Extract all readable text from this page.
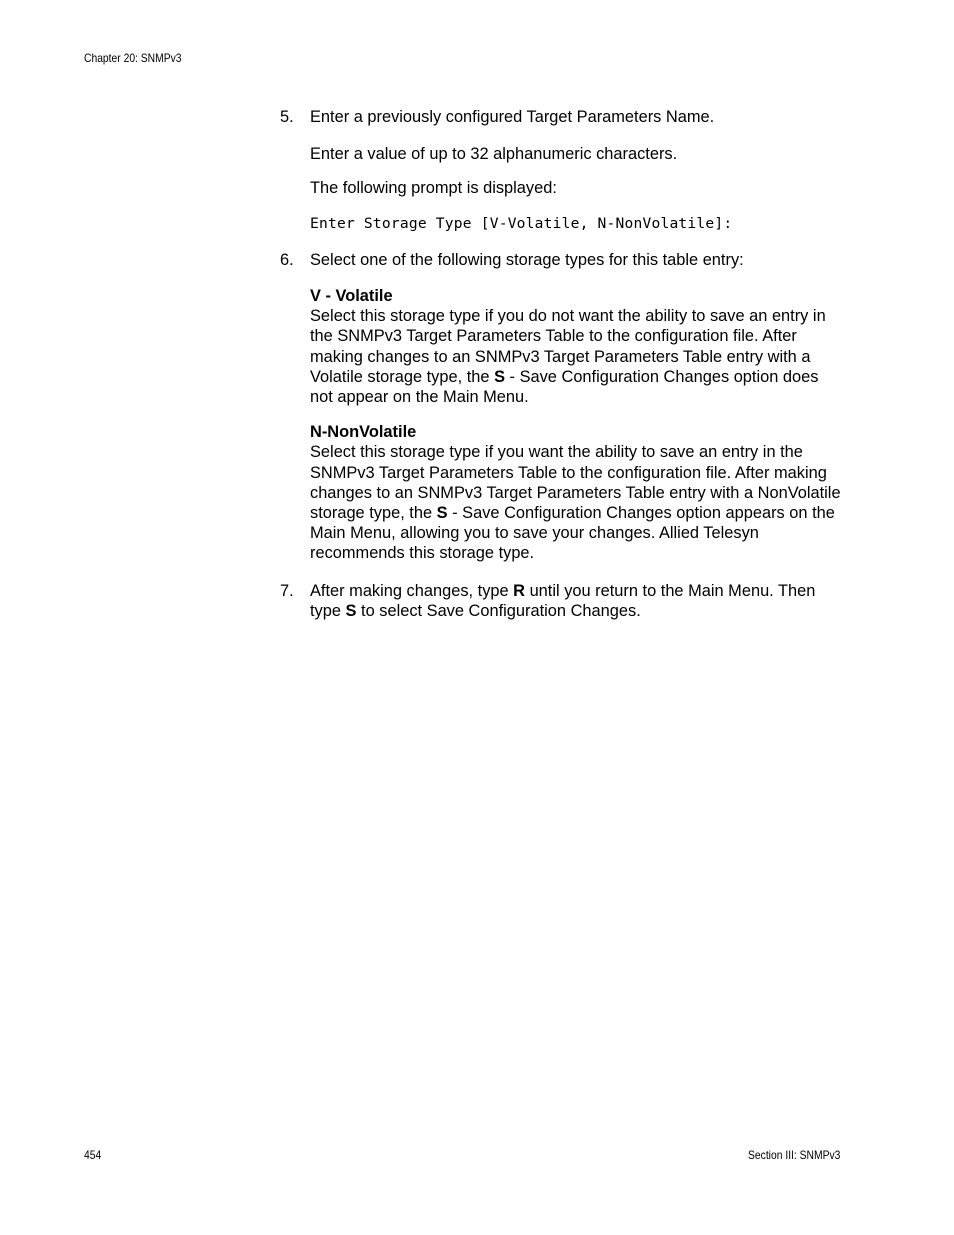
Chapter 20: SNMPv3
5. Enter a previously configured Target Parameters Name.

Enter a value of up to 32 alphanumeric characters.

The following prompt is displayed:

Enter Storage Type [V-Volatile, N-NonVolatile]:

6. Select one of the following storage types for this table entry:

V - Volatile

Select this storage type if you do not want the ability to save an entry in the SNMPv3 Target Parameters Table to the configuration file. After making changes to an SNMPv3 Target Parameters Table entry with a Volatile storage type, the S - Save Configuration Changes option does not appear on the Main Menu.

N-NonVolatile

Select this storage type if you want the ability to save an entry in the SNMPv3 Target Parameters Table to the configuration file. After making changes to an SNMPv3 Target Parameters Table entry with a NonVolatile storage type, the S - Save Configuration Changes option appears on the Main Menu, allowing you to save your changes. Allied Telesyn recommends this storage type.

7. After making changes, type R until you return to the Main Menu. Then type S to select Save Configuration Changes.

454	Section III: SNMPv3
